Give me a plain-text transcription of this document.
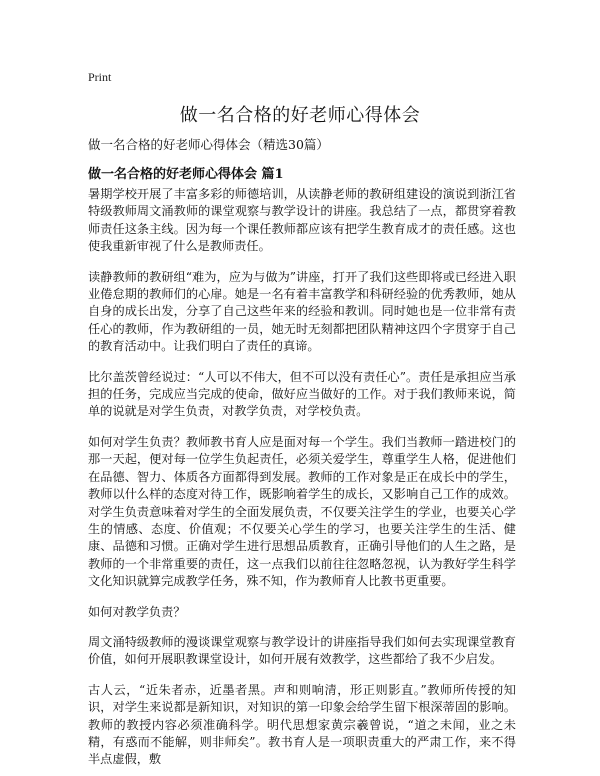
Print
做一名合格的好老师心得体会
做一名合格的好老师心得体会（精选30篇）
做一名合格的好老师心得体会 篇1

暑期学校开展了丰富多彩的师德培训，从读静老师的教研组建设的演说到浙江省特级教师周文涌教师的课堂观察与教学设计的讲座。我总结了一点，都贯穿着教师责任这条主线。因为每一个课任教师都应该有把学生教育成才的责任感。这也使我重新审视了什么是教师责任。

读静教师的教研组“难为，应为与做为”讲座，打开了我们这些即将或已经进入职业倦怠期的教师们的心扉。她是一名有着丰富教学和科研经验的优秀教师，她从自身的成长出发，分享了自己这些年来的经验和教训。同时她也是一位非常有责任心的教师，作为教研组的一员，她无时无刻都把团队精神这四个字贯穿于自己的教育活动中。让我们明白了责任的真谛。

比尔盖茨曾经说过：“人可以不伟大，但不可以没有责任心”。责任是承担应当承担的任务，完成应当完成的使命，做好应当做好的工作。对于我们教师来说，简单的说就是对学生负责，对教学负责，对学校负责。

如何对学生负责？教师教书育人应是面对每一个学生。我们当教师一踏进校门的那一天起，便对每一位学生负起责任，必须关爱学生，尊重学生人格，促进他们在品德、智力、体质各方面都得到发展。教师的工作对象是正在成长中的学生，教师以什么样的态度对待工作，既影响着学生的成长，又影响自己工作的成效。对学生负责意味着对学生的全面发展负责，不仅要关注学生的学业，也要关心学生的情感、态度、价值观；不仅要关心学生的学习，也要关注学生的生活、健康、品德和习惯。正确对学生进行思想品质教育，正确引导他们的人生之路，是教师的一个非常重要的责任，这一点我们以前往往忽略忽视，认为教好学生科学文化知识就算完成教学任务，殊不知，作为教师育人比教书更重要。

如何对教学负责？

周文涌特级教师的漫谈课堂观察与教学设计的讲座指导我们如何去实现课堂教育价值，如何开展职教课堂设计，如何开展有效教学，这些都给了我不少启发。

古人云，“近朱者赤，近墨者黑。声和则响清，形正则影直。”教师所传授的知识，对学生来说都是新知识，对知识的第一印象会给学生留下根深蒂固的影响。教师的教授内容必须准确科学。明代思想家黄宗羲曾说，“道之未闻，业之未精，有惑而不能解，则非师矣”。教书育人是一项职责重大的严肃工作，来不得半点虚假，敷
